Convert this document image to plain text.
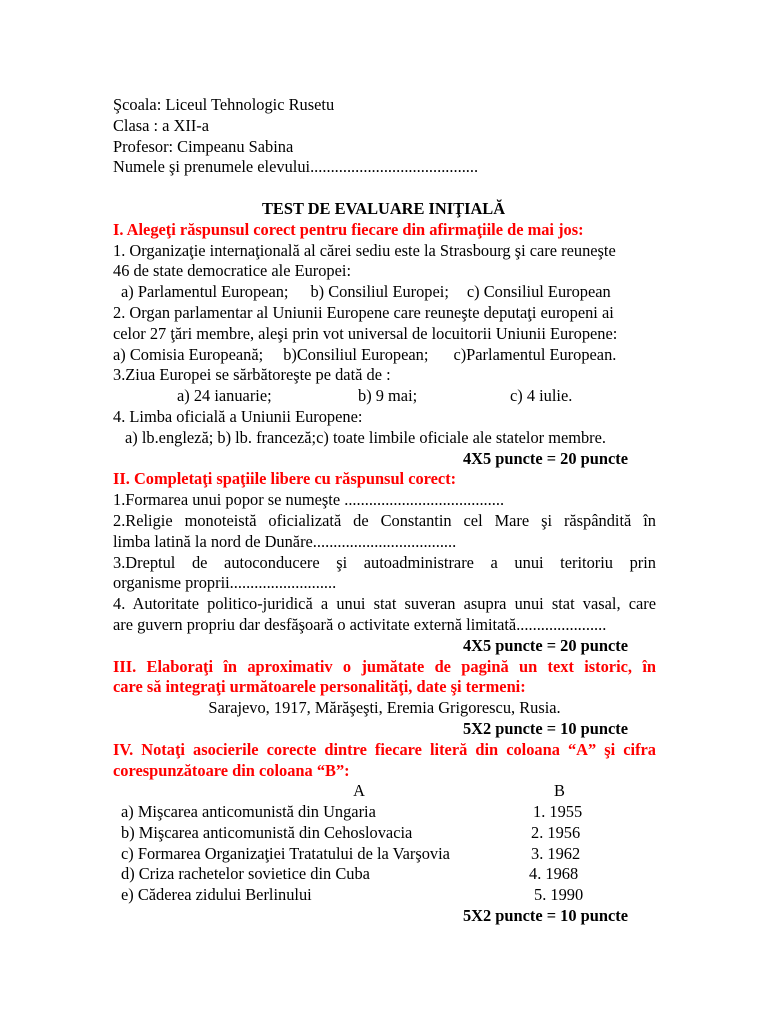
Şcoala: Liceul Tehnologic Rusetu
Clasa : a XII-a
Profesor: Cimpeanu Sabina
Numele şi prenumele elevului.........................................
TEST DE EVALUARE INIŢIALĂ
I. Alegeţi răspunsul corect pentru fiecare din afirmaţiile de mai jos:
1. Organizaţie internaţională al cărei sediu este la Strasbourg şi care reuneşte
46 de state democratice ale Europei:
a) Parlamentul European; b) Consiliul Europei; c) Consiliul European
2. Organ parlamentar al Uniunii Europene care reuneşte deputaţi europeni ai
celor 27 ţări membre, aleşi prin vot universal de locuitorii Uniunii Europene:
a) Comisia Europeană; b)Consiliul European; c)Parlamentul European.
3.Ziua Europei se sărbătoreşte pe dată de :
a) 24 ianuarie;	b) 9 mai;	c) 4 iulie.
4. Limba oficială a Uniunii Europene:
a) lb.engleză; b) lb. franceză;c) toate limbile oficiale ale statelor membre.
4X5 puncte = 20 puncte
II. Completaţi spaţiile libere cu răspunsul corect:
1.Formarea unui popor se numeşte .......................................
2.Religie monoteistă oficializată de Constantin cel Mare şi răspândită în
limba latină la nord de Dunăre...................................
3.Dreptul de autoconducere şi autoadministrare a unui teritoriu prin
organisme proprii..........................
4. Autoritate politico-juridică a unui stat suveran asupra unui stat vasal, care
are guvern propriu dar desfăşoară o activitate externă limitată......................
4X5 puncte = 20 puncte
III. Elaboraţi în aproximativ o jumătate de pagină un text istoric, în
care să integraţi următoarele personalităţi, date şi termeni:
Sarajevo, 1917, Mărăşeşti, Eremia Grigorescu, Rusia.
5X2 puncte = 10 puncte
IV. Notaţi asocierile corecte dintre fiecare literă din coloana “A” şi cifra
corespunzătoare din coloana “B”:
A	B
a) Mişcarea anticomunistă din Ungaria	1. 1955
b) Mişcarea anticomunistă din Cehoslovacia	2. 1956
c) Formarea Organizaţiei Tratatului de la Varşovia	3. 1962
d) Criza rachetelor sovietice din Cuba	4. 1968
e) Căderea zidului Berlinului	5. 1990
5X2 puncte = 10 puncte
